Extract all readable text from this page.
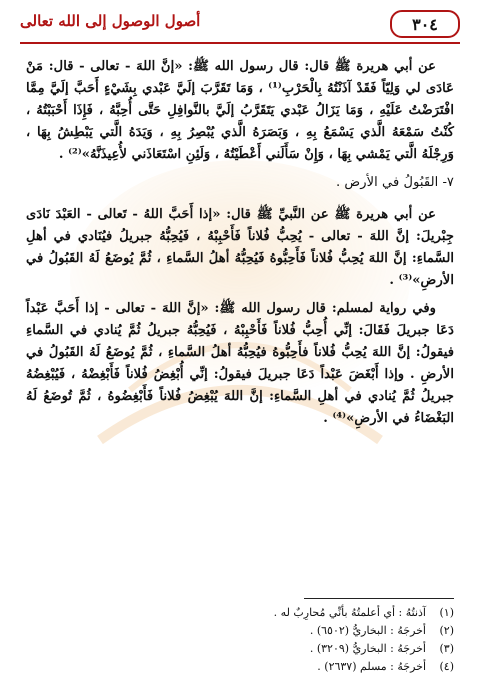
٣٠٤
أصول الوصول إلى الله تعالى

عن أبي هريرة ﷺ قال: قال رسول الله ﷺ: «إنَّ اللهَ - تعالى - قال: مَنْ عَادَى لي وَلِيّاً فَقَدْ آذَنْتُهُ بِالْحَرْبِ⁽¹⁾ ، وَمَا تَقَرَّبَ إلَيَّ عَبْدي بِشَيْءٍ أَحَبَّ إلَيَّ مِمَّا افْتَرَضْتُ عَلَيْهِ ، وَمَا يَزَالُ عَبْدي يَتَقَرَّبُ إلَيَّ بالنَّوافِلِ حَتَّى أُحِبَّهُ ، فَإِذَا أَحْبَبْتُهُ ، كُنْتُ سَمْعَهُ الَّذي يَسْمَعُ بِهِ ، وَبَصَرَهُ الَّذي يُبْصِرُ بِهِ ، وَيَدَهُ الَّتي يَبْطِشُ بِهَا ، وَرِجْلَهُ الَّتي يَمْشي بِهَا ، وَإِنْ سَأَلَني أَعْطَيْتُهُ ، وَلَئِنِ اسْتَعَاذَني لأُعِيذَنَّهُ»⁽²⁾ .

٧- القَبُولُ في الأرض .

عن أبي هريرة ﷺ عن النَّبيِّ ﷺ قال: «إذا أَحَبَّ اللهُ - تَعالى - العَبْدَ نَادَى جِبْريلَ: إنَّ اللهَ - تعالى - يُحِبُّ فُلاناً فَأَحْبِبْهُ ، فَيُحِبُّهُ جبريلُ فيُنَادي في أهلِ السَّماءِ: إنَّ اللهَ يُحِبُّ فُلاناً فَأَحِبُّوهُ فَيُحِبُّهُ أهلُ السَّماءِ ، ثُمَّ يُوضَعُ لَهُ القَبُولُ في الأرضِ»⁽³⁾ .

وفي رواية لمسلم: قال رسول الله ﷺ: «إنَّ اللهَ - تعالى - إذا أَحَبَّ عَبْداً دَعَا جبريلَ فَقَالَ: إنِّي أُحِبُّ فُلاناً فَأَحْبِبْهُ ، فَيُحِبُّهُ جبريلُ ثُمَّ يُنادي في السَّماءِ فيقولُ: إنَّ اللهَ يُحِبُّ فُلاناً فأَحِبُّوهُ فيُحِبُّهُ أهلُ السَّماءِ ، ثُمَّ يُوضَعُ لَهُ القَبُولُ في الأرضِ . وإذا أَبْغَضَ عَبْداً دَعَا جبريلَ فيقولُ: إنِّي أُبْغِضُ فُلاناً فَأَبْغِضْهُ ، فَيُبْغِضُهُ جبريلُ ثُمَّ يُنادي في أهلِ السَّماءِ: إنَّ اللهَ يُبْغِضُ فُلاناً فَأَبْغِضُوهُ ، ثُمَّ تُوضَعُ لَهُ البَغْضَاءُ في الأرضِ»⁽⁴⁾ .

(١)
آذنتُهُ : أي أعلمتُهُ بأنِّي مُحارِبٌ له .
(٢)
أخرجَهُ : البخاريُّ (٦٥٠٢) .
(٣)
أخرجَهُ : البخاريُّ (٣٢٠٩) .
(٤)
أخرجَهُ : مسلم (٢٦٣٧) .
